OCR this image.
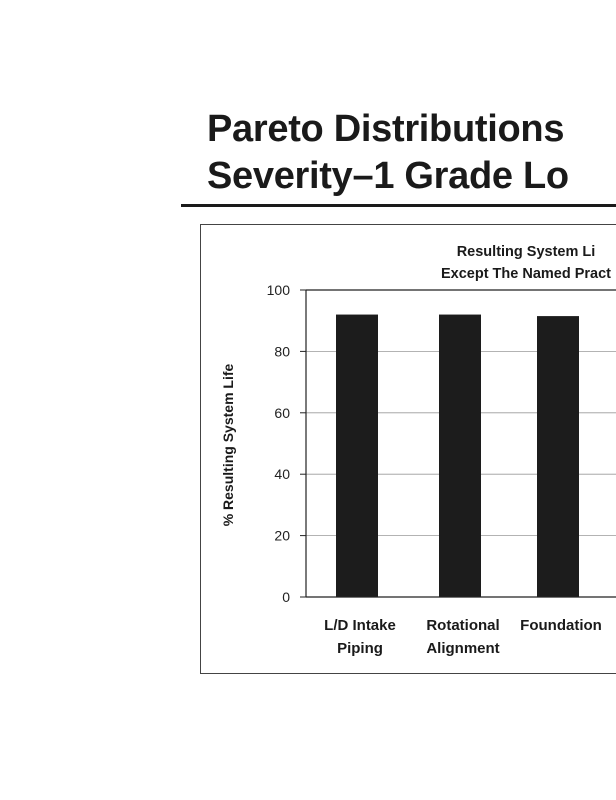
Pareto Distributions
Severity–1 Grade Lo
0
20
40
60
80
100
L/D Intake
Piping
Rotational
Alignment
Foundation
Resulting System Li
Except The Named Pract
% Resulting System Life
